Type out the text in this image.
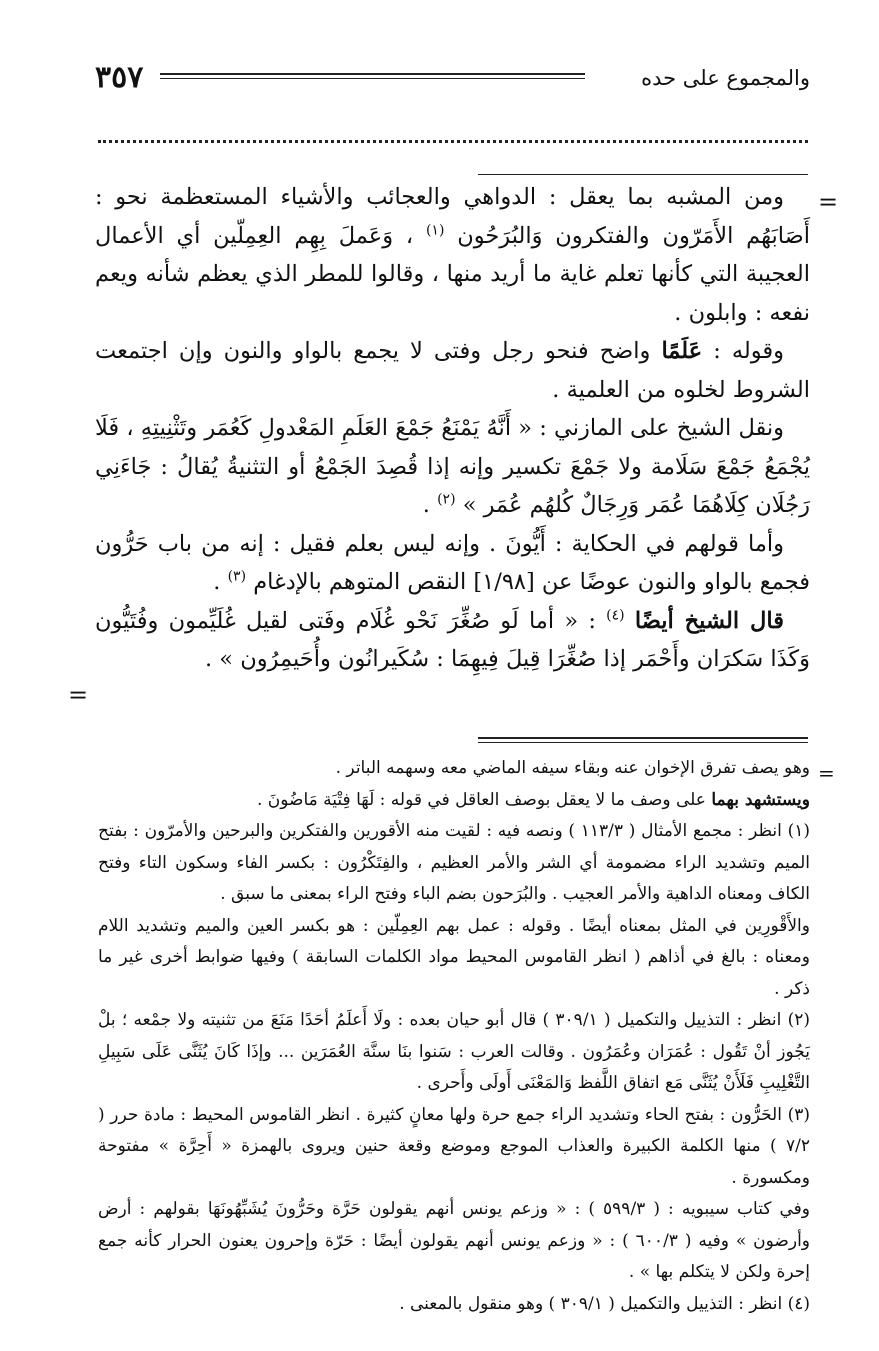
٣٥٧	والمجموع على حده
=

ومن المشبه بما يعقل : الدواهي والعجائب والأشياء المستعظمة نحو : أَصَابَهُم الأَمَرّون والفتكرون وَالبُرَحُون $^{(١)}$ ، وَعَملَ بِهِم العِمِلّين أي الأعمال العجيبة التي كأنها تعلم غاية ما أريد منها ، وقالوا للمطر الذي يعظم شأنه ويعم نفعه : وابلون .

وقوله : عَلَمًا واضح فنحو رجل وفتى لا يجمع بالواو والنون وإن اجتمعت الشروط لخلوه من العلمية .

ونقل الشيخ على المازني : « أَنَّهُ يَمْنَعُ جَمْعَ العَلَمِ المَعْدولِ كَعُمَر وتَثْنِيتِهِ ، فَلَا يُجْمَعُ جَمْعَ سَلَامة ولا جَمْعَ تكسير وإنه إذا قُصِدَ الجَمْعُ أو التثنيةُ يُقالُ : جَاءَنِي رَجُلَان كِلَاهُمَا عُمَر وَرِجَالٌ كُلهُم عُمَر » $^{(٢)}$ .

وأما قولهم في الحكاية : أَيُّونَ . وإنه ليس بعلم فقيل : إنه من باب حَرُّون فجمع بالواو والنون عوضًا عن [١/٩٨] النقص المتوهم بالإدغام $^{(٣)}$ .

قال الشيخ أيضًا $^{(٤)}$ : « أما لَو صُغِّرَ نَحْو غُلَام وفَتى لقيل غُلَيِّمون وفُتَيُّون وَكَذَا سَكرَان وأَحْمَر إذا صُغِّرَا قِيلَ فِيهِمَا : سُكَيرانُون وأُحَيمِرُون » .

=
=

وهو يصف تفرق الإخوان عنه وبقاء سيفه الماضي معه وسهمه الباتر .

ويستشهد بهما على وصف ما لا يعقل بوصف العاقل في قوله : لَهَا فِتْيَة مَاضُونَ .

(١) انظر : مجمع الأمثال ( ١١٣/٣ ) ونصه فيه : لقيت منه الأقورين والفتكرين والبرحين والأمرّون : بفتح الميم وتشديد الراء مضمومة أي الشر والأمر العظيم ، والفِتَكْرُون : بكسر الفاء وسكون التاء وفتح الكاف ومعناه الداهية والأمر العجيب . والبُرَحون بضم الباء وفتح الراء بمعنى ما سبق .

والأَقْورِين في المثل بمعناه أيضًا . وقوله : عمل بهم العِمِلّين : هو بكسر العين والميم وتشديد اللام ومعناه : بالغ في أذاهم ( انظر القاموس المحيط مواد الكلمات السابقة ) وفيها ضوابط أخرى غير ما ذكر .

(٢) انظر : التذييل والتكميل ( ٣٠٩/١ ) قال أبو حيان بعده : ولَا أَعلَمُ أحَدًا مَنَعَ من تثنيته ولا جمْعه ؛ بلْ يَجُوز أنْ تَقُول : عُمَرَان وعُمَرُون . وقالت العرب : سَنوا بنَا سنَّة العُمَرَين ... وإذَا كَانَ يُثَنَّى عَلَى سَبِيلِ التَّغْلِيبِ فَلَأَنْ يُثَنَّى مَع اتفاق اللَّفظ وَالمَعْنَى أَولَى وأَحرى .

(٣) الحَرُّون : بفتح الحاء وتشديد الراء جمع حرة ولها معانٍ كثيرة . انظر القاموس المحيط : مادة حرر ( ٧/٢ ) منها الكلمة الكبيرة والعذاب الموجع وموضع وقعة حنين ويروى بالهمزة « أَحِرَّة » مفتوحة ومكسورة .

وفي كتاب سيبويه : ( ٥٩٩/٣ ) : « وزعم يونس أنهم يقولون حَرَّة وحَرُّونَ يُشَبِّهُونَهَا بقولهم : أرض وأرضون » وفيه ( ٦٠٠/٣ ) : « وزعم يونس أنهم يقولون أيضًا : حَرّة وإحرون يعنون الحرار كأنه جمع إحرة ولكن لا يتكلم بها » .

(٤) انظر : التذييل والتكميل ( ٣٠٩/١ ) وهو منقول بالمعنى .
